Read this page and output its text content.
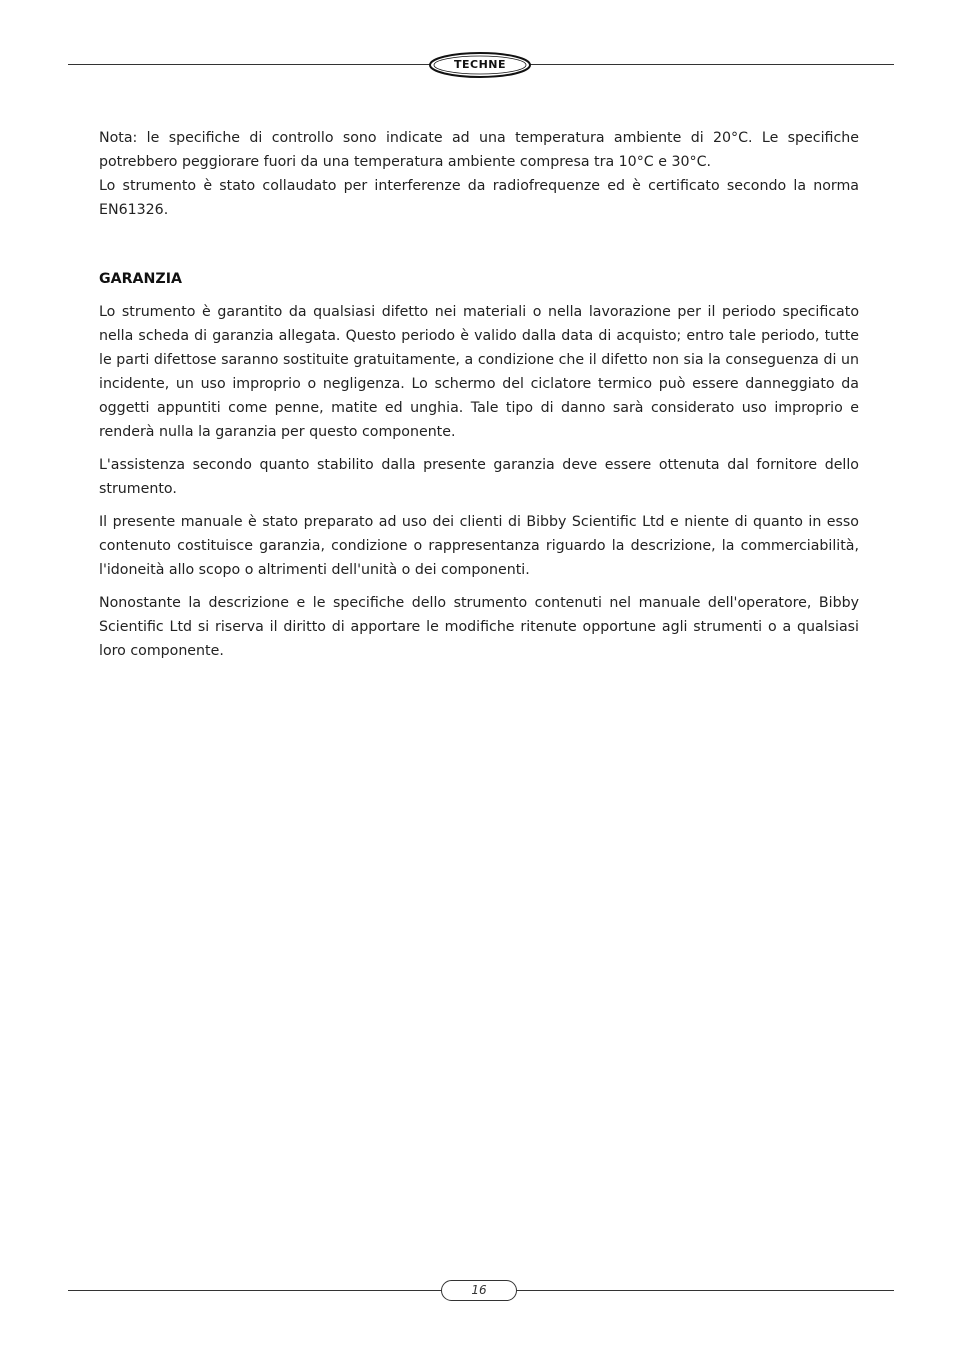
TECHNE

Nota: le specifiche di controllo sono indicate ad una temperatura ambiente di 20°C. Le specifiche potrebbero peggiorare fuori da una temperatura ambiente compresa tra 10°C e 30°C.

Lo strumento è stato collaudato per interferenze da radiofrequenze ed è certificato secondo la norma EN61326.

GARANZIA

Lo strumento è garantito da qualsiasi difetto nei materiali o nella lavorazione per il periodo specificato nella scheda di garanzia allegata. Questo periodo è valido dalla data di acquisto; entro tale periodo, tutte le parti difettose saranno sostituite gratuitamente, a condizione che il difetto non sia la conseguenza di un incidente, un uso improprio o negligenza. Lo schermo del ciclatore termico può essere danneggiato da oggetti appuntiti come penne, matite ed unghia. Tale tipo di danno sarà considerato uso improprio e renderà nulla la garanzia per questo componente.

L'assistenza secondo quanto stabilito dalla presente garanzia deve essere ottenuta dal fornitore dello strumento.

Il presente manuale è stato preparato ad uso dei clienti di Bibby Scientific Ltd e niente di quanto in esso contenuto costituisce garanzia, condizione o rappresentanza riguardo la descrizione, la commerciabilità, l'idoneità allo scopo o altrimenti dell'unità o dei componenti.

Nonostante la descrizione e le specifiche dello strumento contenuti nel manuale dell'operatore, Bibby Scientific Ltd si riserva il diritto di apportare le modifiche ritenute opportune agli strumenti o a qualsiasi loro componente.

16
